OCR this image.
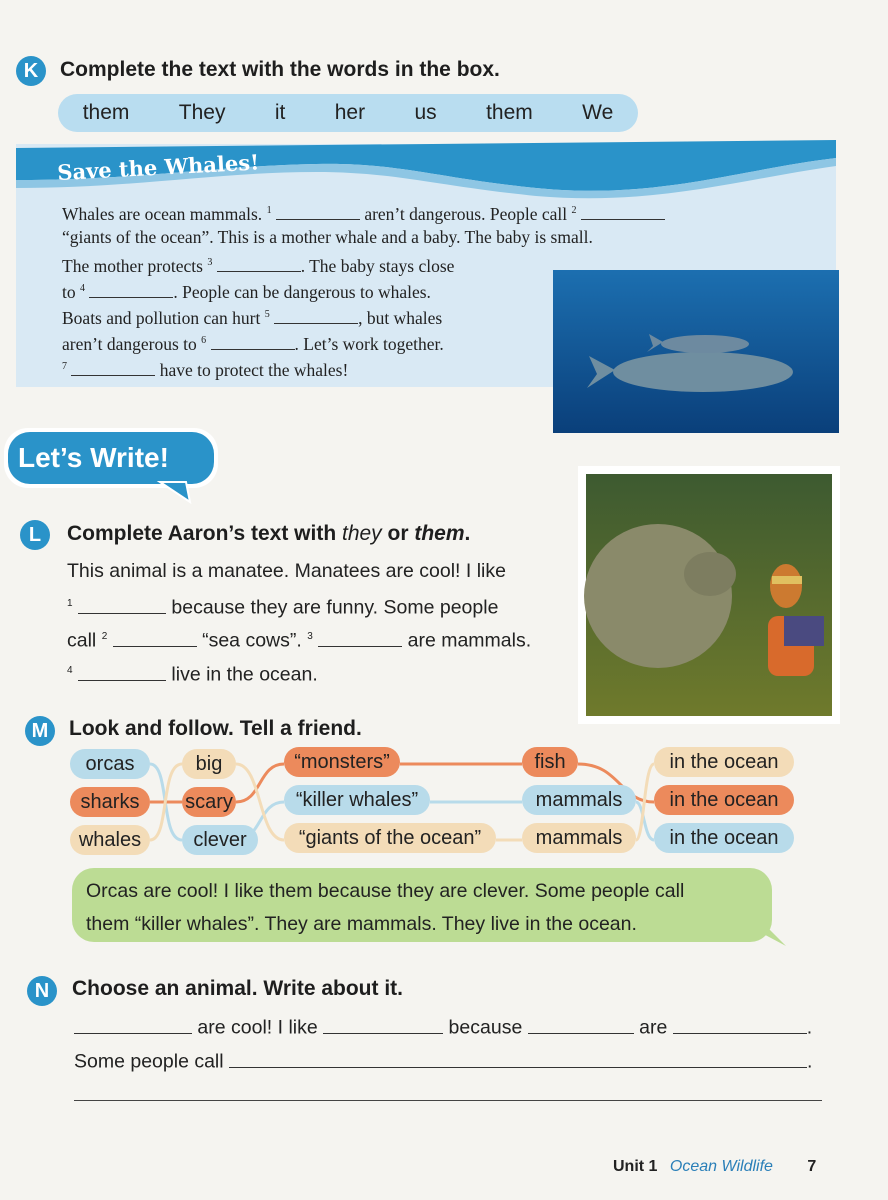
K	Complete the text with the words in the box.
them They it her us them We
Save the Whales!
Whales are ocean mammals. $^1$	aren’t dangerous. People call $^2$
“giants of the ocean”. This is a mother whale and a baby. The baby is small.
The mother protects $^3$	. The baby stays close
to $^4$	. People can be dangerous to whales.
Boats and pollution can hurt $^5$	, but whales
aren’t dangerous to $^6$	. Let’s work together.
$^7$	have to protect the whales!
Let’s Write!
L	Complete Aaron’s text with they or them.
This animal is a manatee. Manatees are cool! I like
$^1$	because they are funny. Some people
call $^2$	“sea cows”. $^3$	are mammals.
$^4$	live in the ocean.
M Look and follow. Tell a friend.
orcas	big	“monsters”	fish	in the ocean
sharks	scary	“killer whales”	mammals	in the ocean
whales	clever	“giants of the ocean”	mammals	in the ocean
Orcas are cool! I like them because they are clever. Some people call
them “killer whales”. They are mammals. They live in the ocean.
N	Choose an animal. Write about it.
are cool! I like	because	are	.
Some people call	.
Unit 1 Ocean Wildlife 7
